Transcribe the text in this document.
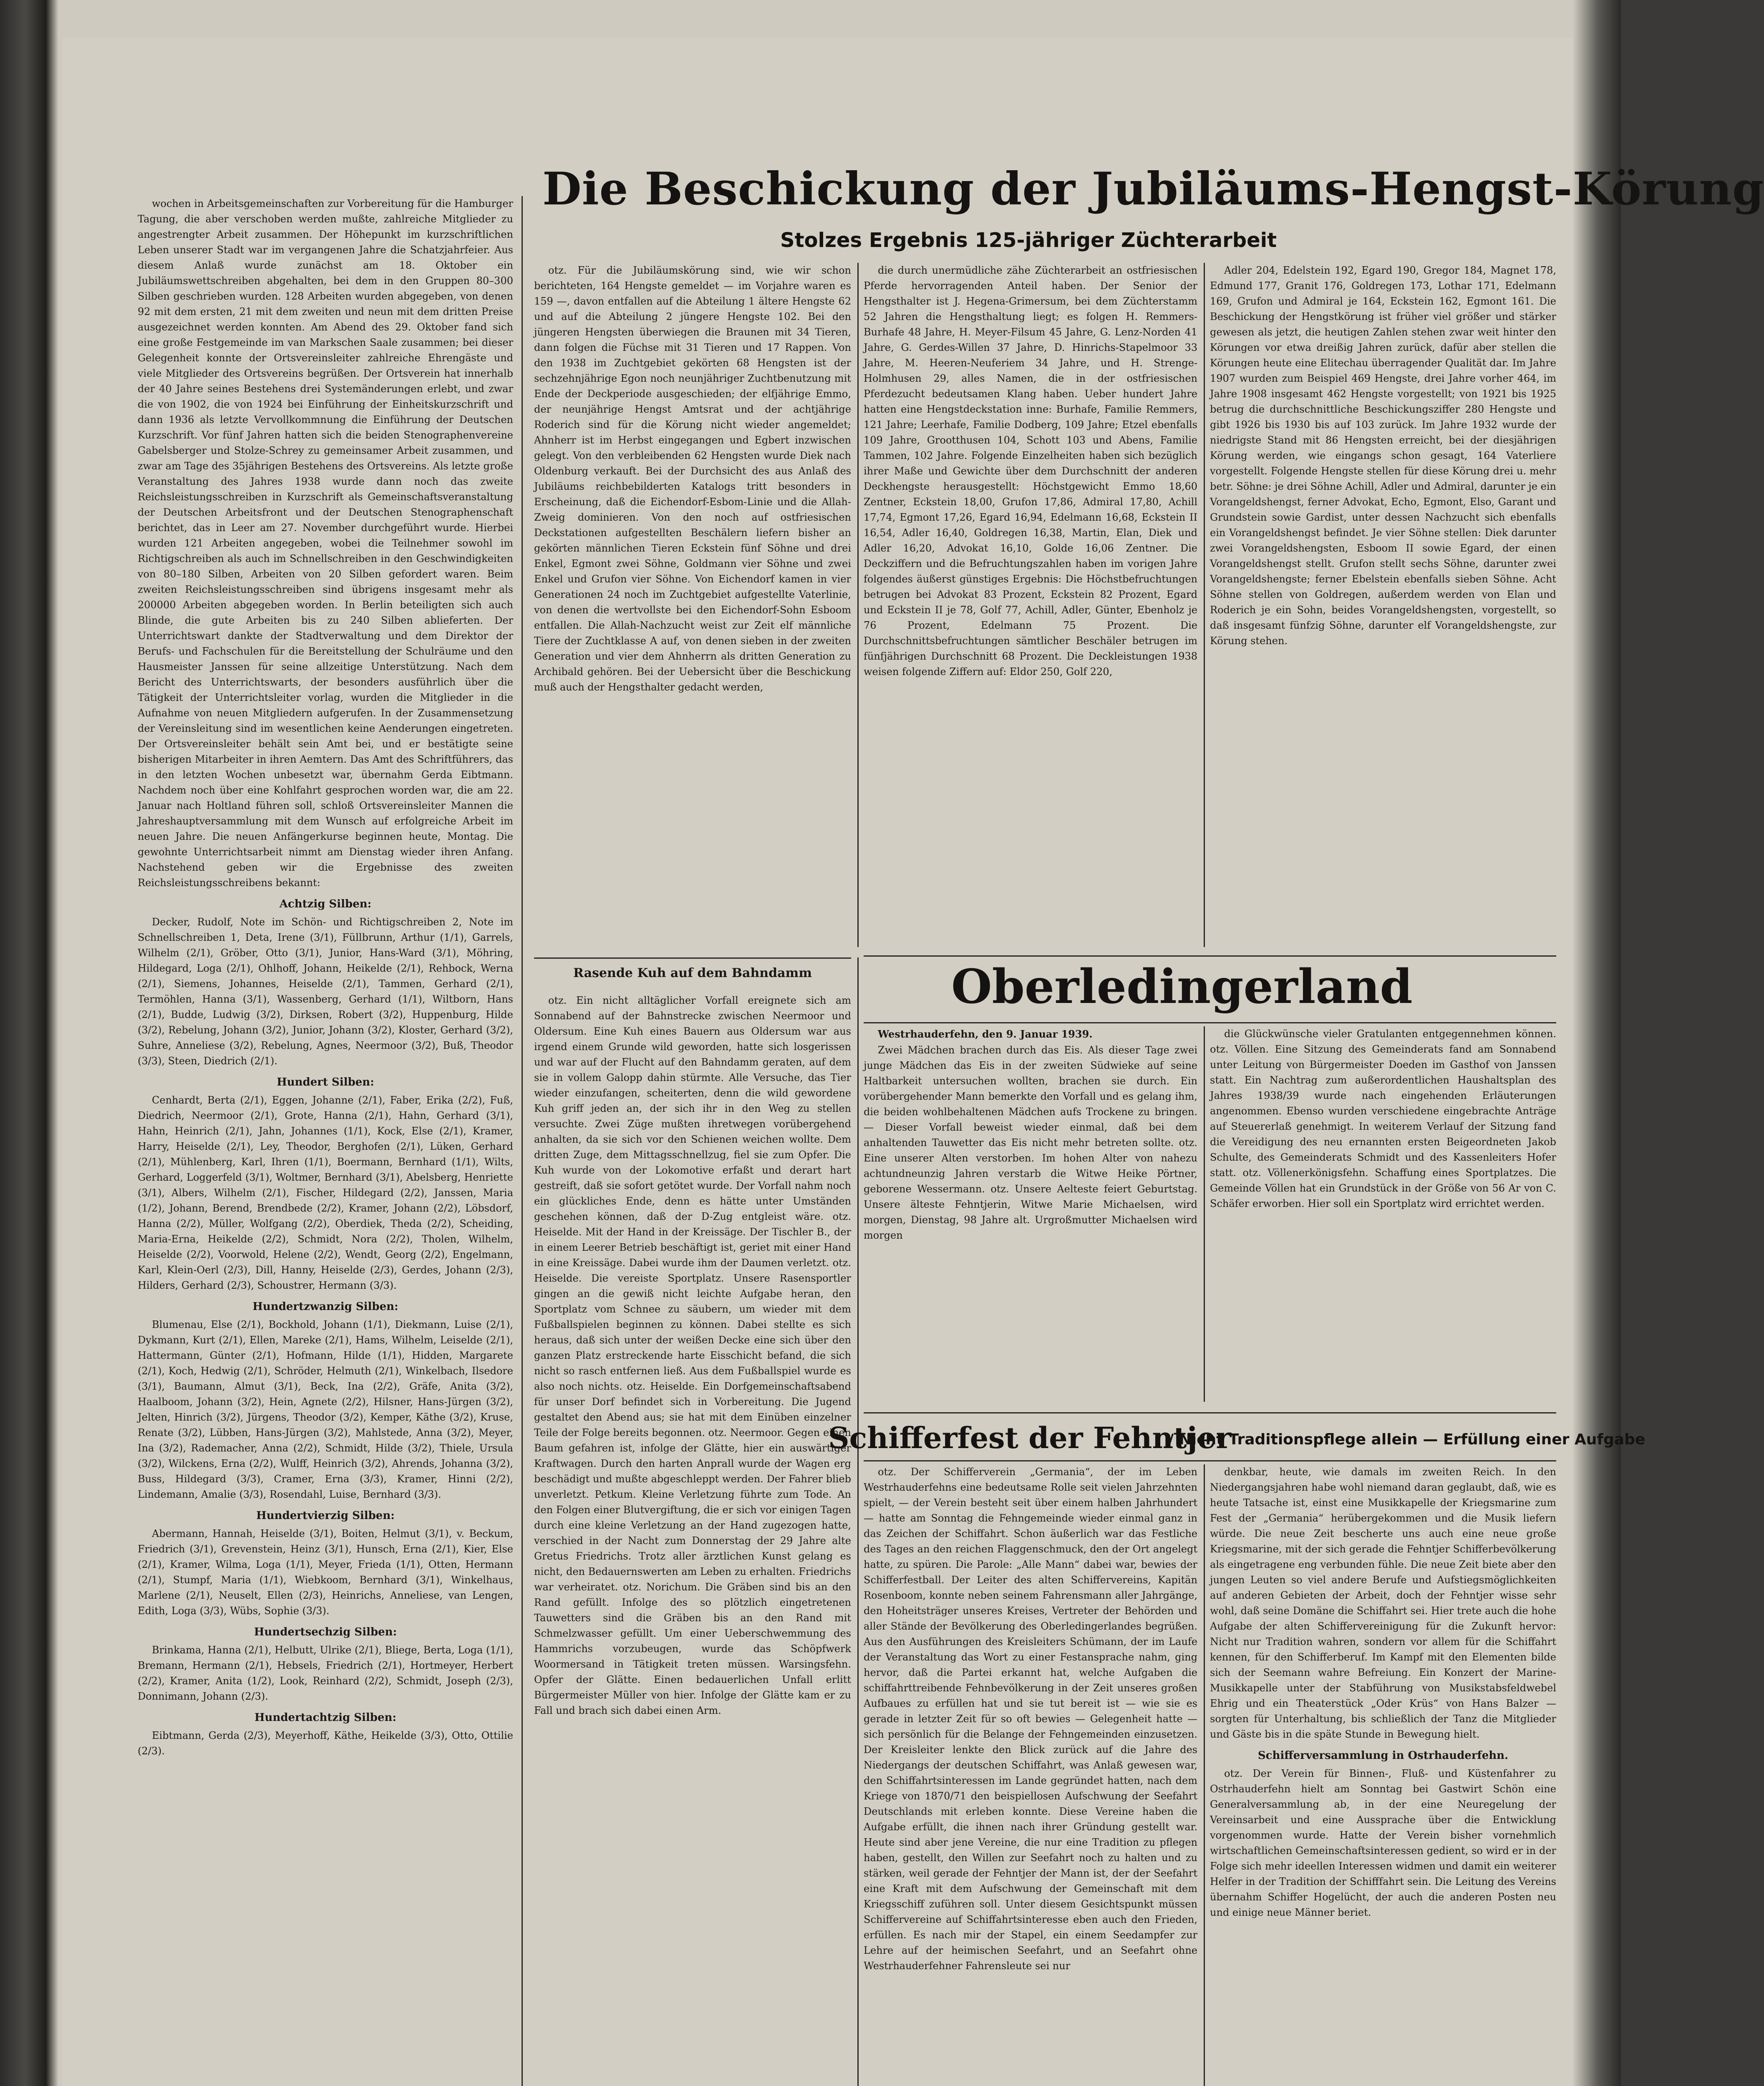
wochen in Arbeitsgemeinschaften zur Vorbereitung für die Hamburger Tagung, die aber verschoben werden mußte, zahlreiche Mitglieder zu angestrengter Arbeit zusammen. Der Höhepunkt im kurzschriftlichen Leben unserer Stadt war im vergangenen Jahre die Schatzjahrfeier. Aus diesem Anlaß wurde zunächst am 18. Oktober ein Jubiläumswettschreiben abgehalten, bei dem in den Gruppen 80–300 Silben geschrieben wurden. 128 Arbeiten wurden abgegeben, von denen 92 mit dem ersten, 21 mit dem zweiten und neun mit dem dritten Preise ausgezeichnet werden konnten. Am Abend des 29. Oktober fand sich eine große Festgemeinde im van Markschen Saale zusammen; bei dieser Gelegenheit konnte der Ortsvereinsleiter zahlreiche Ehrengäste und viele Mitglieder des Ortsvereins begrüßen. Der Ortsverein hat innerhalb der 40 Jahre seines Bestehens drei Systemänderungen erlebt, und zwar die von 1902, die von 1924 bei Einführung der Einheitskurzschrift und dann 1936 als letzte Vervollkommnung die Einführung der Deutschen Kurzschrift. Vor fünf Jahren hatten sich die beiden Stenographenvereine Gabelsberger und Stolze-Schrey zu gemeinsamer Arbeit zusammen, und zwar am Tage des 35jährigen Bestehens des Ortsvereins. Als letzte große Veranstaltung des Jahres 1938 wurde dann noch das zweite Reichsleistungsschreiben in Kurzschrift als Gemeinschaftsveranstaltung der Deutschen Arbeitsfront und der Deutschen Stenographenschaft berichtet, das in Leer am 27. November durchgeführt wurde. Hierbei wurden 121 Arbeiten angegeben, wobei die Teilnehmer sowohl im Richtigschreiben als auch im Schnellschreiben in den Geschwindigkeiten von 80–180 Silben, Arbeiten von 20 Silben gefordert waren. Beim zweiten Reichsleistungsschreiben sind übrigens insgesamt mehr als 200000 Arbeiten abgegeben worden. In Berlin beteiligten sich auch Blinde, die gute Arbeiten bis zu 240 Silben ablieferten. Der Unterrichtswart dankte der Stadtverwaltung und dem Direktor der Berufs- und Fachschulen für die Bereitstellung der Schulräume und den Hausmeister Janssen für seine allzeitige Unterstützung. Nach dem Bericht des Unterrichtswarts, der besonders ausführlich über die Tätigkeit der Unterrichtsleiter vorlag, wurden die Mitglieder in die Aufnahme von neuen Mitgliedern aufgerufen. In der Zusammensetzung der Vereinsleitung sind im wesentlichen keine Aenderungen eingetreten. Der Ortsvereinsleiter behält sein Amt bei, und er bestätigte seine bisherigen Mitarbeiter in ihren Aemtern. Das Amt des Schriftführers, das in den letzten Wochen unbesetzt war, übernahm Gerda Eibtmann. Nachdem noch über eine Kohlfahrt gesprochen worden war, die am 22. Januar nach Holtland führen soll, schloß Ortsvereinsleiter Mannen die Jahreshauptversammlung mit dem Wunsch auf erfolgreiche Arbeit im neuen Jahre. Die neuen Anfängerkurse beginnen heute, Montag. Die gewohnte Unterrichtsarbeit nimmt am Dienstag wieder ihren Anfang. Nachstehend geben wir die Ergebnisse des zweiten Reichsleistungsschreibens bekannt:

Achtzig Silben:

Decker, Rudolf, Note im Schön- und Richtigschreiben 2, Note im Schnellschreiben 1, Deta, Irene (3/1), Füllbrunn, Arthur (1/1), Garrels, Wilhelm (2/1), Gröber, Otto (3/1), Junior, Hans-Ward (3/1), Möhring, Hildegard, Loga (2/1), Ohlhoff, Johann, Heikelde (2/1), Rehbock, Werna (2/1), Siemens, Johannes, Heiselde (2/1), Tammen, Gerhard (2/1), Termöhlen, Hanna (3/1), Wassenberg, Gerhard (1/1), Wiltborn, Hans (2/1), Budde, Ludwig (3/2), Dirksen, Robert (3/2), Huppenburg, Hilde (3/2), Rebelung, Johann (3/2), Junior, Johann (3/2), Kloster, Gerhard (3/2), Suhre, Anneliese (3/2), Rebelung, Agnes, Neermoor (3/2), Buß, Theodor (3/3), Steen, Diedrich (2/1).

Hundert Silben:

Cenhardt, Berta (2/1), Eggen, Johanne (2/1), Faber, Erika (2/2), Fuß, Diedrich, Neermoor (2/1), Grote, Hanna (2/1), Hahn, Gerhard (3/1), Hahn, Heinrich (2/1), Jahn, Johannes (1/1), Kock, Else (2/1), Kramer, Harry, Heiselde (2/1), Ley, Theodor, Berghofen (2/1), Lüken, Gerhard (2/1), Mühlenberg, Karl, Ihren (1/1), Boermann, Bernhard (1/1), Wilts, Gerhard, Loggerfeld (3/1), Woltmer, Bernhard (3/1), Abelsberg, Henriette (3/1), Albers, Wilhelm (2/1), Fischer, Hildegard (2/2), Janssen, Maria (1/2), Johann, Berend, Brendbede (2/2), Kramer, Johann (2/2), Löbsdorf, Hanna (2/2), Müller, Wolfgang (2/2), Oberdiek, Theda (2/2), Scheiding, Maria-Erna, Heikelde (2/2), Schmidt, Nora (2/2), Tholen, Wilhelm, Heiselde (2/2), Voorwold, Helene (2/2), Wendt, Georg (2/2), Engelmann, Karl, Klein-Oerl (2/3), Dill, Hanny, Heiselde (2/3), Gerdes, Johann (2/3), Hilders, Gerhard (2/3), Schoustrer, Hermann (3/3).

Hundertzwanzig Silben:

Blumenau, Else (2/1), Bockhold, Johann (1/1), Diekmann, Luise (2/1), Dykmann, Kurt (2/1), Ellen, Mareke (2/1), Hams, Wilhelm, Leiselde (2/1), Hattermann, Günter (2/1), Hofmann, Hilde (1/1), Hidden, Margarete (2/1), Koch, Hedwig (2/1), Schröder, Helmuth (2/1), Winkelbach, Ilsedore (3/1), Baumann, Almut (3/1), Beck, Ina (2/2), Gräfe, Anita (3/2), Haalboom, Johann (3/2), Hein, Agnete (2/2), Hilsner, Hans-Jürgen (3/2), Jelten, Hinrich (3/2), Jürgens, Theodor (3/2), Kemper, Käthe (3/2), Kruse, Renate (3/2), Lübben, Hans-Jürgen (3/2), Mahlstede, Anna (3/2), Meyer, Ina (3/2), Rademacher, Anna (2/2), Schmidt, Hilde (3/2), Thiele, Ursula (3/2), Wilckens, Erna (2/2), Wulff, Heinrich (3/2), Ahrends, Johanna (3/2), Buss, Hildegard (3/3), Cramer, Erna (3/3), Kramer, Hinni (2/2), Lindemann, Amalie (3/3), Rosendahl, Luise, Bernhard (3/3).

Hundertvierzig Silben:

Abermann, Hannah, Heiselde (3/1), Boiten, Helmut (3/1), v. Beckum, Friedrich (3/1), Grevenstein, Heinz (3/1), Hunsch, Erna (2/1), Kier, Else (2/1), Kramer, Wilma, Loga (1/1), Meyer, Frieda (1/1), Otten, Hermann (2/1), Stumpf, Maria (1/1), Wiebkoom, Bernhard (3/1), Winkelhaus, Marlene (2/1), Neuselt, Ellen (2/3), Heinrichs, Anneliese, van Lengen, Edith, Loga (3/3), Wübs, Sophie (3/3).

Hundertsechzig Silben:

Brinkama, Hanna (2/1), Helbutt, Ulrike (2/1), Bliege, Berta, Loga (1/1), Bremann, Hermann (2/1), Hebsels, Friedrich (2/1), Hortmeyer, Herbert (2/2), Kramer, Anita (1/2), Look, Reinhard (2/2), Schmidt, Joseph (2/3), Donnimann, Johann (2/3).

Hundertachtzig Silben:

Eibtmann, Gerda (2/3), Meyerhoff, Käthe, Heikelde (3/3), Otto, Ottilie (2/3).

Die Beschickung der Jubiläums-Hengst-Körung
Stolzes Ergebnis 125-jähriger Züchterarbeit

otz. Für die Jubiläumskörung sind, wie wir schon berichteten, 164 Hengste gemeldet — im Vorjahre waren es 159 —, davon entfallen auf die Abteilung 1 ältere Hengste 62 und auf die Abteilung 2 jüngere Hengste 102. Bei den jüngeren Hengsten überwiegen die Braunen mit 34 Tieren, dann folgen die Füchse mit 31 Tieren und 17 Rappen. Von den 1938 im Zuchtgebiet gekörten 68 Hengsten ist der sechzehnjährige Egon noch neunjähriger Zuchtbenutzung mit Ende der Deckperiode ausgeschieden; der elfjährige Emmo, der neunjährige Hengst Amtsrat und der achtjährige Roderich sind für die Körung nicht wieder angemeldet; Ahnherr ist im Herbst eingegangen und Egbert inzwischen gelegt. Von den verbleibenden 62 Hengsten wurde Diek nach Oldenburg verkauft. Bei der Durchsicht des aus Anlaß des Jubiläums reichbebilderten Katalogs tritt besonders in Erscheinung, daß die Eichendorf-Esbom-Linie und die Allah-Zweig dominieren. Von den noch auf ostfriesischen Deckstationen aufgestellten Beschälern liefern bisher an gekörten männlichen Tieren Eckstein fünf Söhne und drei Enkel, Egmont zwei Söhne, Goldmann vier Söhne und zwei Enkel und Grufon vier Söhne. Von Eichendorf kamen in vier Generationen 24 noch im Zuchtgebiet aufgestellte Vaterlinie, von denen die wertvollste bei den Eichendorf-Sohn Esboom entfallen. Die Allah-Nachzucht weist zur Zeit elf männliche Tiere der Zuchtklasse A auf, von denen sieben in der zweiten Generation und vier dem Ahnherrn als dritten Generation zu Archibald gehören. Bei der Uebersicht über die Beschickung muß auch der Hengsthalter gedacht werden,

die durch unermüdliche zähe Züchterarbeit an ostfriesischen Pferde hervorragenden Anteil haben. Der Senior der Hengsthalter ist J. Hegena-Grimersum, bei dem Züchterstamm 52 Jahren die Hengsthaltung liegt; es folgen H. Remmers-Burhafe 48 Jahre, H. Meyer-Filsum 45 Jahre, G. Lenz-Norden 41 Jahre, G. Gerdes-Willen 37 Jahre, D. Hinrichs-Stapelmoor 33 Jahre, M. Heeren-Neuferiem 34 Jahre, und H. Strenge-Holmhusen 29, alles Namen, die in der ostfriesischen Pferdezucht bedeutsamen Klang haben. Ueber hundert Jahre hatten eine Hengstdeckstation inne: Burhafe, Familie Remmers, 121 Jahre; Leerhafe, Familie Dodberg, 109 Jahre; Etzel ebenfalls 109 Jahre, Grootthusen 104, Schott 103 und Abens, Familie Tammen, 102 Jahre. Folgende Einzelheiten haben sich bezüglich ihrer Maße und Gewichte über dem Durchschnitt der anderen Deckhengste herausgestellt: Höchstgewicht Emmo 18,60 Zentner, Eckstein 18,00, Grufon 17,86, Admiral 17,80, Achill 17,74, Egmont 17,26, Egard 16,94, Edelmann 16,68, Eckstein II 16,54, Adler 16,40, Goldregen 16,38, Martin, Elan, Diek und Adler 16,20, Advokat 16,10, Golde 16,06 Zentner. Die Deckziffern und die Befruchtungszahlen haben im vorigen Jahre folgendes äußerst günstiges Ergebnis: Die Höchstbefruchtungen betrugen bei Advokat 83 Prozent, Eckstein 82 Prozent, Egard und Eckstein II je 78, Golf 77, Achill, Adler, Günter, Ebenholz je 76 Prozent, Edelmann 75 Prozent. Die Durchschnittsbefruchtungen sämtlicher Beschäler betrugen im fünfjährigen Durchschnitt 68 Prozent. Die Deckleistungen 1938 weisen folgende Ziffern auf: Eldor 250, Golf 220,

Adler 204, Edelstein 192, Egard 190, Gregor 184, Magnet 178, Edmund 177, Granit 176, Goldregen 173, Lothar 171, Edelmann 169, Grufon und Admiral je 164, Eckstein 162, Egmont 161. Die Beschickung der Hengstkörung ist früher viel größer und stärker gewesen als jetzt, die heutigen Zahlen stehen zwar weit hinter den Körungen vor etwa dreißig Jahren zurück, dafür aber stellen die Körungen heute eine Elitechau überragender Qualität dar. Im Jahre 1907 wurden zum Beispiel 469 Hengste, drei Jahre vorher 464, im Jahre 1908 insgesamt 462 Hengste vorgestellt; von 1921 bis 1925 betrug die durchschnittliche Beschickungsziffer 280 Hengste und gibt 1926 bis 1930 bis auf 103 zurück. Im Jahre 1932 wurde der niedrigste Stand mit 86 Hengsten erreicht, bei der diesjährigen Körung werden, wie eingangs schon gesagt, 164 Vaterliere vorgestellt. Folgende Hengste stellen für diese Körung drei u. mehr betr. Söhne: je drei Söhne Achill, Adler und Admiral, darunter je ein Vorangeldshengst, ferner Advokat, Echo, Egmont, Elso, Garant und Grundstein sowie Gardist, unter dessen Nachzucht sich ebenfalls ein Vorangeldshengst befindet. Je vier Söhne stellen: Diek darunter zwei Vorangeldshengsten, Esboom II sowie Egard, der einen Vorangeldshengst stellt. Grufon stellt sechs Söhne, darunter zwei Vorangeldshengste; ferner Ebelstein ebenfalls sieben Söhne. Acht Söhne stellen von Goldregen, außerdem werden von Elan und Roderich je ein Sohn, beides Vorangeldshengsten, vorgestellt, so daß insgesamt fünfzig Söhne, darunter elf Vorangeldshengste, zur Körung stehen.

Rasende Kuh auf dem Bahndamm

otz. Ein nicht alltäglicher Vorfall ereignete sich am Sonnabend auf der Bahnstrecke zwischen Neermoor und Oldersum. Eine Kuh eines Bauern aus Oldersum war aus irgend einem Grunde wild geworden, hatte sich losgerissen und war auf der Flucht auf den Bahndamm geraten, auf dem sie in vollem Galopp dahin stürmte. Alle Versuche, das Tier wieder einzufangen, scheiterten, denn die wild gewordene Kuh griff jeden an, der sich ihr in den Weg zu stellen versuchte. Zwei Züge mußten ihretwegen vorübergehend anhalten, da sie sich vor den Schienen weichen wollte. Dem dritten Zuge, dem Mittagsschnellzug, fiel sie zum Opfer. Die Kuh wurde von der Lokomotive erfaßt und derart hart gestreift, daß sie sofort getötet wurde. Der Vorfall nahm noch ein glückliches Ende, denn es hätte unter Umständen geschehen können, daß der D-Zug entgleist wäre. otz. Heiselde. Mit der Hand in der Kreissäge. Der Tischler B., der in einem Leerer Betrieb beschäftigt ist, geriet mit einer Hand in eine Kreissäge. Dabei wurde ihm der Daumen verletzt. otz. Heiselde. Die vereiste Sportplatz. Unsere Rasensportler gingen an die gewiß nicht leichte Aufgabe heran, den Sportplatz vom Schnee zu säubern, um wieder mit dem Fußballspielen beginnen zu können. Dabei stellte es sich heraus, daß sich unter der weißen Decke eine sich über den ganzen Platz erstreckende harte Eisschicht befand, die sich nicht so rasch entfernen ließ. Aus dem Fußballspiel wurde es also noch nichts. otz. Heiselde. Ein Dorfgemeinschaftsabend für unser Dorf befindet sich in Vorbereitung. Die Jugend gestaltet den Abend aus; sie hat mit dem Einüben einzelner Teile der Folge bereits begonnen. otz. Neermoor. Gegen einen Baum gefahren ist, infolge der Glätte, hier ein auswärtiger Kraftwagen. Durch den harten Anprall wurde der Wagen erg beschädigt und mußte abgeschleppt werden. Der Fahrer blieb unverletzt. Petkum. Kleine Verletzung führte zum Tode. An den Folgen einer Blutvergiftung, die er sich vor einigen Tagen durch eine kleine Verletzung an der Hand zugezogen hatte, verschied in der Nacht zum Donnerstag der 29 Jahre alte Gretus Friedrichs. Trotz aller ärztlichen Kunst gelang es nicht, den Bedauernswerten am Leben zu erhalten. Friedrichs war verheiratet. otz. Norichum. Die Gräben sind bis an den Rand gefüllt. Infolge des so plötzlich eingetretenen Tauwetters sind die Gräben bis an den Rand mit Schmelzwasser gefüllt. Um einer Ueberschwemmung des Hammrichs vorzubeugen, wurde das Schöpfwerk Woormersand in Tätigkeit treten müssen. Warsingsfehn. Opfer der Glätte. Einen bedauerlichen Unfall erlitt Bürgermeister Müller von hier. Infolge der Glätte kam er zu Fall und brach sich dabei einen Arm.

Oberledingerland

Westrhauderfehn, den 9. Januar 1939.

Zwei Mädchen brachen durch das Eis. Als dieser Tage zwei junge Mädchen das Eis in der zweiten Südwieke auf seine Haltbarkeit untersuchen wollten, brachen sie durch. Ein vorübergehender Mann bemerkte den Vorfall und es gelang ihm, die beiden wohlbehaltenen Mädchen aufs Trockene zu bringen. — Dieser Vorfall beweist wieder einmal, daß bei dem anhaltenden Tauwetter das Eis nicht mehr betreten sollte. otz. Eine unserer Alten verstorben. Im hohen Alter von nahezu achtundneunzig Jahren verstarb die Witwe Heike Pörtner, geborene Wessermann. otz. Unsere Aelteste feiert Geburtstag. Unsere älteste Fehntjerin, Witwe Marie Michaelsen, wird morgen, Dienstag, 98 Jahre alt. Urgroßmutter Michaelsen wird morgen

die Glückwünsche vieler Gratulanten entgegennehmen können. otz. Völlen. Eine Sitzung des Gemeinderats fand am Sonnabend unter Leitung von Bürgermeister Doeden im Gasthof von Janssen statt. Ein Nachtrag zum außerordentlichen Haushaltsplan des Jahres 1938/39 wurde nach eingehenden Erläuterungen angenommen. Ebenso wurden verschiedene eingebrachte Anträge auf Steuererlaß genehmigt. In weiterem Verlauf der Sitzung fand die Vereidigung des neu ernannten ersten Beigeordneten Jakob Schulte, des Gemeinderats Schmidt und des Kassenleiters Hofer statt. otz. Völlenerkönigsfehn. Schaffung eines Sportplatzes. Die Gemeinde Völlen hat ein Grundstück in der Größe von 56 Ar von C. Schäfer erworben. Hier soll ein Sportplatz wird errichtet werden.

Schifferfest der Fehntjer
/ Nicht Traditionspflege allein — Erfüllung einer Aufgabe

otz. Der Schifferverein „Germania“, der im Leben Westrhauderfehns eine bedeutsame Rolle seit vielen Jahrzehnten spielt, — der Verein besteht seit über einem halben Jahrhundert — hatte am Sonntag die Fehngemeinde wieder einmal ganz in das Zeichen der Schiffahrt. Schon äußerlich war das Festliche des Tages an den reichen Flaggenschmuck, den der Ort angelegt hatte, zu spüren. Die Parole: „Alle Mann“ dabei war, bewies der Schifferfestball. Der Leiter des alten Schiffervereins, Kapitän Rosenboom, konnte neben seinem Fahrensmann aller Jahrgänge, den Hoheitsträger unseres Kreises, Vertreter der Behörden und aller Stände der Bevölkerung des Oberledingerlandes begrüßen. Aus den Ausführungen des Kreisleiters Schümann, der im Laufe der Veranstaltung das Wort zu einer Festansprache nahm, ging hervor, daß die Partei erkannt hat, welche Aufgaben die schiffahrttreibende Fehnbevölkerung in der Zeit unseres großen Aufbaues zu erfüllen hat und sie tut bereit ist — wie sie es gerade in letzter Zeit für so oft bewies — Gelegenheit hatte — sich persönlich für die Belange der Fehngemeinden einzusetzen. Der Kreisleiter lenkte den Blick zurück auf die Jahre des Niedergangs der deutschen Schiffahrt, was Anlaß gewesen war, den Schiffahrtsinteressen im Lande gegründet hatten, nach dem Kriege von 1870/71 den beispiellosen Aufschwung der Seefahrt Deutschlands mit erleben konnte. Diese Vereine haben die Aufgabe erfüllt, die ihnen nach ihrer Gründung gestellt war. Heute sind aber jene Vereine, die nur eine Tradition zu pflegen haben, gestellt, den Willen zur Seefahrt noch zu halten und zu stärken, weil gerade der Fehntjer der Mann ist, der der Seefahrt eine Kraft mit dem Aufschwung der Gemeinschaft mit dem Kriegsschiff zuführen soll. Unter diesem Gesichtspunkt müssen Schiffervereine auf Schiffahrtsinteresse eben auch den Frieden, erfüllen. Es nach mir der Stapel, ein einem Seedampfer zur Lehre auf der heimischen Seefahrt, und an Seefahrt ohne Westrhauderfehner Fahrensleute sei nur

denkbar, heute, wie damals im zweiten Reich. In den Niedergangsjahren habe wohl niemand daran geglaubt, daß, wie es heute Tatsache ist, einst eine Musikkapelle der Kriegsmarine zum Fest der „Germania“ herübergekommen und die Musik liefern würde. Die neue Zeit bescherte uns auch eine neue große Kriegsmarine, mit der sich gerade die Fehntjer Schifferbevölkerung als eingetragene eng verbunden fühle. Die neue Zeit biete aber den jungen Leuten so viel andere Berufe und Aufstiegsmöglichkeiten auf anderen Gebieten der Arbeit, doch der Fehntjer wisse sehr wohl, daß seine Domäne die Schiffahrt sei. Hier trete auch die hohe Aufgabe der alten Schiffervereinigung für die Zukunft hervor: Nicht nur Tradition wahren, sondern vor allem für die Schiffahrt kennen, für den Schifferberuf. Im Kampf mit den Elementen bilde sich der Seemann wahre Befreiung. Ein Konzert der Marine-Musikkapelle unter der Stabführung von Musikstabsfeldwebel Ehrig und ein Theaterstück „Oder Krüs“ von Hans Balzer — sorgten für Unterhaltung, bis schließlich der Tanz die Mitglieder und Gäste bis in die späte Stunde in Bewegung hielt.

Schifferversammlung in Ostrhauderfehn.

otz. Der Verein für Binnen-, Fluß- und Küstenfahrer zu Ostrhauderfehn hielt am Sonntag bei Gastwirt Schön eine Generalversammlung ab, in der eine Neuregelung der Vereinsarbeit und eine Aussprache über die Entwicklung vorgenommen wurde. Hatte der Verein bisher vornehmlich wirtschaftlichen Gemeinschaftsinteressen gedient, so wird er in der Folge sich mehr ideellen Interessen widmen und damit ein weiterer Helfer in der Tradition der Schifffahrt sein. Die Leitung des Vereins übernahm Schiffer Hogelücht, der auch die anderen Posten neu und einige neue Männer beriet.
